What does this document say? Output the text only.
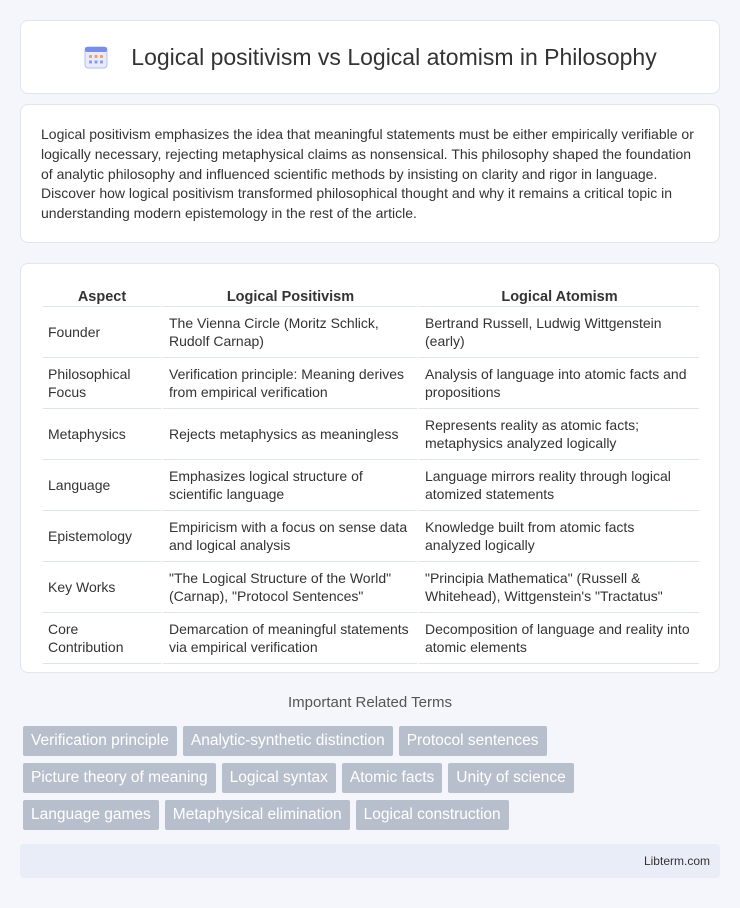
Logical positivism vs Logical atomism in Philosophy

Logical positivism emphasizes the idea that meaningful statements must be either empirically verifiable or logically necessary, rejecting metaphysical claims as nonsensical. This philosophy shaped the foundation of analytic philosophy and influenced scientific methods by insisting on clarity and rigor in language. Discover how logical positivism transformed philosophical thought and why it remains a critical topic in understanding modern epistemology in the rest of the article.

Aspect	Logical Positivism	Logical Atomism
Founder	The Vienna Circle (Moritz Schlick, Rudolf Carnap)	Bertrand Russell, Ludwig Wittgenstein (early)
Philosophical Focus	Verification principle: Meaning derives from empirical verification	Analysis of language into atomic facts and propositions
Metaphysics	Rejects metaphysics as meaningless	Represents reality as atomic facts; metaphysics analyzed logically
Language	Emphasizes logical structure of scientific language	Language mirrors reality through logical atomized statements
Epistemology	Empiricism with a focus on sense data and logical analysis	Knowledge built from atomic facts analyzed logically
Key Works	"The Logical Structure of the World" (Carnap), "Protocol Sentences"	"Principia Mathematica" (Russell & Whitehead), Wittgenstein's "Tractatus"
Core Contribution	Demarcation of meaningful statements via empirical verification	Decomposition of language and reality into atomic elements
Important Related Terms
Verification principle	Analytic-synthetic distinction	Protocol sentences
Picture theory of meaning	Logical syntax	Atomic facts	Unity of science
Language games	Metaphysical elimination	Logical construction
Libterm.com
